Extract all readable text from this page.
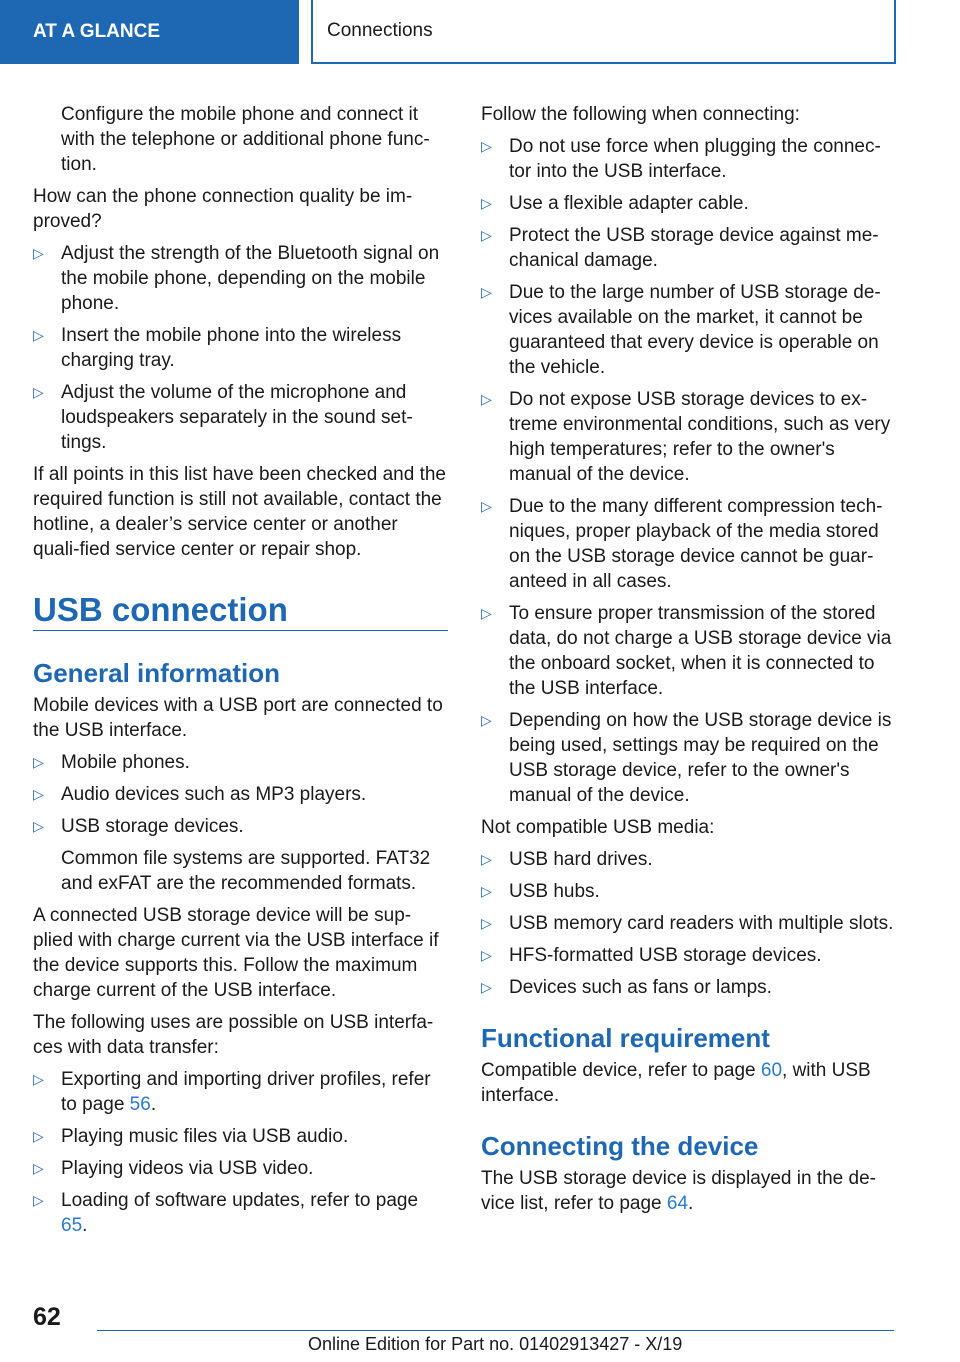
AT A GLANCE	Connections

Configure the mobile phone and connect it with the telephone or additional phone func-tion.

How can the phone connection quality be im-proved?

▷ Adjust the strength of the Bluetooth signal on the mobile phone, depending on the mobile phone.
▷ Insert the mobile phone into the wireless charging tray.
▷ Adjust the volume of the microphone and loudspeakers separately in the sound set-tings.

If all points in this list have been checked and the required function is still not available, contact the hotline, a dealer’s service center or another quali-fied service center or repair shop.

USB connection
General information

Mobile devices with a USB port are connected to the USB interface.

▷ Mobile phones.
▷ Audio devices such as MP3 players.
▷ USB storage devices.
Common file systems are supported. FAT32 and exFAT are the recommended formats.

A connected USB storage device will be sup-plied with charge current via the USB interface if the device supports this. Follow the maximum charge current of the USB interface.

The following uses are possible on USB interfa-ces with data transfer:

▷ Exporting and importing driver profiles, refer to page 56.
▷ Playing music files via USB audio.
▷ Playing videos via USB video.
▷ Loading of software updates, refer to page 65.

Follow the following when connecting:

▷ Do not use force when plugging the connec-tor into the USB interface.
▷ Use a flexible adapter cable.
▷ Protect the USB storage device against me-chanical damage.
▷ Due to the large number of USB storage de-vices available on the market, it cannot be guaranteed that every device is operable on the vehicle.
▷ Do not expose USB storage devices to ex-treme environmental conditions, such as very high temperatures; refer to the owner's manual of the device.
▷ Due to the many different compression tech-niques, proper playback of the media stored on the USB storage device cannot be guar-anteed in all cases.
▷ To ensure proper transmission of the stored data, do not charge a USB storage device via the onboard socket, when it is connected to the USB interface.
▷ Depending on how the USB storage device is being used, settings may be required on the USB storage device, refer to the owner's manual of the device.

Not compatible USB media:

▷ USB hard drives.
▷ USB hubs.
▷ USB memory card readers with multiple slots.
▷ HFS-formatted USB storage devices.
▷ Devices such as fans or lamps.
Functional requirement

Compatible device, refer to page 60, with USB interface.

Connecting the device

The USB storage device is displayed in the de-vice list, refer to page 64.

62
Online Edition for Part no. 01402913427 - X/19
